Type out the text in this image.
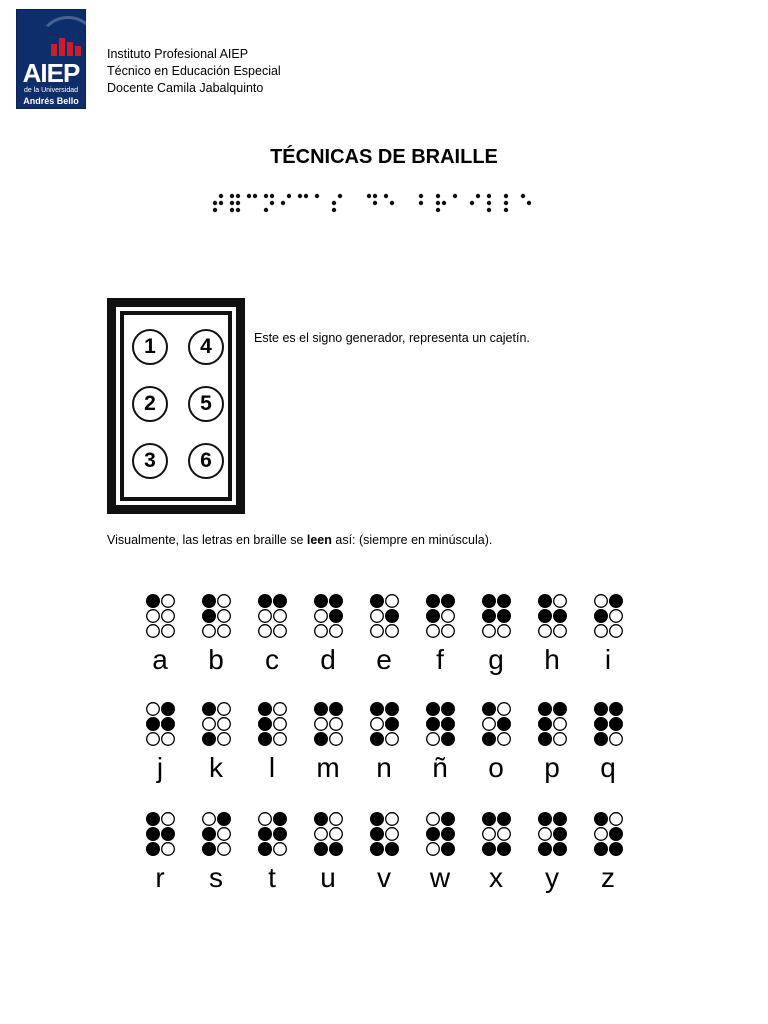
AIEP
de la Universidad
Andrés Bello
Instituto Profesional AIEP
Técnico en Educación Especial
Docente Camila Jabalquinto
TÉCNICAS DE BRAILLE
1	4
2	5
3	6
Este es el signo generador, representa un cajetín.
Visualmente, las letras en braille se leen así: (siempre en minúscula).
a	b	c	d	e	f	g	h	i
j	k	l	m	n	ñ	o	p	q
r	s	t	u	v	w	x	y	z
